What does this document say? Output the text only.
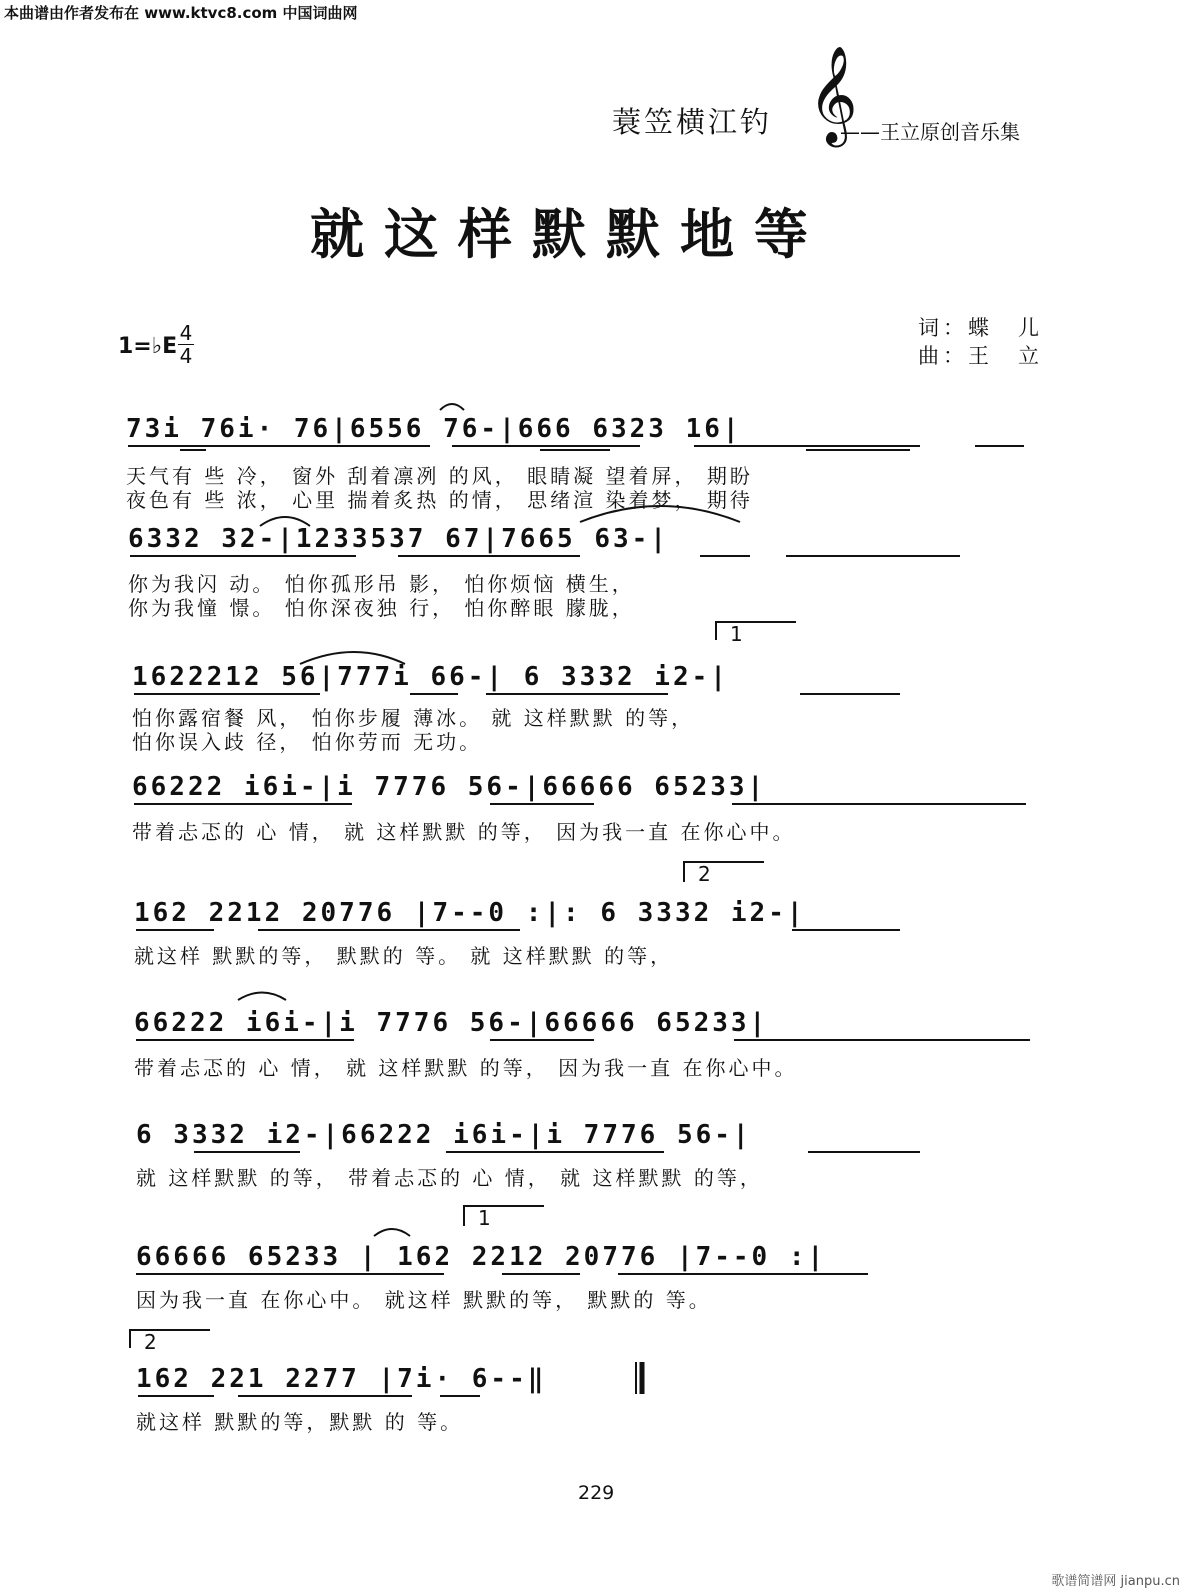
本曲谱由作者发布在 www.ktvc8.com 中国词曲网
蓑笠横江钓 𝄞
——王立原创音乐集
就这样默默地等
1=♭E
4
4
词：蝶　儿
曲：王　立
73i 76i· 76|6556 76-|666 6323 16|
天气有 些 冷， 窗外 刮着凛冽 的风， 眼睛凝 望着屏， 期盼
夜色有 些 浓， 心里 揣着炙热 的情， 思绪渲 染着梦， 期待
6332 32-|1233537 67|7665 63-|
你为我闪 动。 怕你孤形吊 影， 怕你烦恼 横生，
你为我憧 憬。 怕你深夜独 行， 怕你醉眼 朦胧，
1
1622212 56|777i 66-| 6 3332 i2-|
怕你露宿餐 风， 怕你步履 薄冰。 就 这样默默 的等，
怕你误入歧 径， 怕你劳而 无功。
66222 i6i-|i 7776 56-|66666 65233|
带着忐忑的 心 情， 就 这样默默 的等， 因为我一直 在你心中。
2
162 2212 20776 |7--0 :|: 6 3332 i2-|
就这样 默默的等， 默默的 等。 就 这样默默 的等，
66222 i6i-|i 7776 56-|66666 65233|
带着忐忑的 心 情， 就 这样默默 的等， 因为我一直 在你心中。
6 3332 i2-|66222 i6i-|i 7776 56-|
就 这样默默 的等， 带着忐忑的 心 情， 就 这样默默 的等，
1
66666 65233 | 162 2212 20776 |7--0 :|
因为我一直 在你心中。 就这样 默默的等， 默默的 等。
2
162 221 2277 |7i· 6--‖
就这样 默默的等，默默 的 等。
229
歌谱简谱网 jianpu.cn
